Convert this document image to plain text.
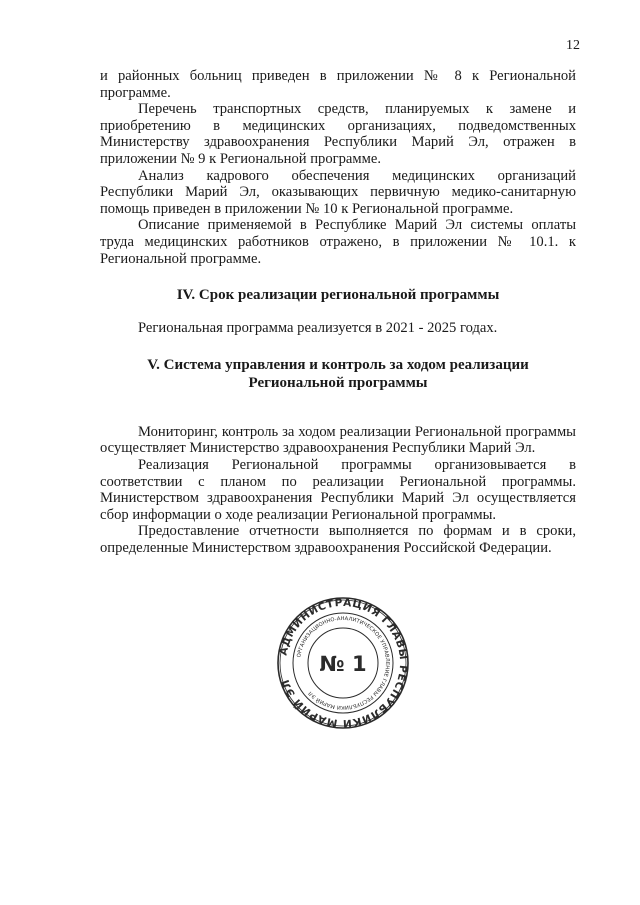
12

и районных больниц приведен в приложении № 8 к Региональной программе.

Перечень транспортных средств, планируемых к замене и приобретению в медицинских организациях, подведомственных Министерству здравоохранения Республики Марий Эл, отражен в приложении № 9 к Региональной программе.

Анализ кадрового обеспечения медицинских организаций Республики Марий Эл, оказывающих первичную медико-санитарную помощь приведен в приложении № 10 к Региональной программе.

Описание применяемой в Республике Марий Эл системы оплаты труда медицинских работников отражено, в приложении № 10.1. к Региональной программе.

IV. Срок реализации региональной программы

Региональная программа реализуется в 2021 - 2025 годах.

V. Система управления и контроль за ходом реализации
Региональной программы

Мониторинг, контроль за ходом реализации Региональной программы осуществляет Министерство здравоохранения Республики Марий Эл.

Реализация Региональной программы организовывается в соответствии с планом по реализации Региональной программы. Министерством здравоохранения Республики Марий Эл осуществляется сбор информации о ходе реализации Региональной программы.

Предоставление отчетности выполняется по формам и в сроки, определенные Министерством здравоохранения Российской Федерации.

АДМИНИСТРАЦИЯ ГЛАВЫ РЕСПУБЛИКИ МАРИЙ ЭЛ
ОРГАНИЗАЦИОННО-АНАЛИТИЧЕСКОЕ УПРАВЛЕНИЕ ГЛАВЫ РЕСПУБЛИКИ МАРИЙ ЭЛ
№ 1
